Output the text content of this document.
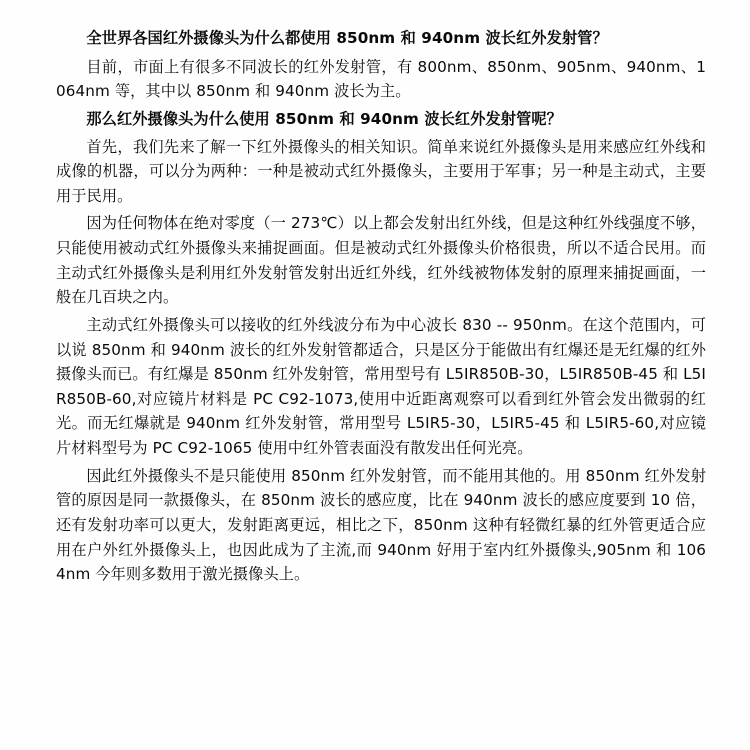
全世界各国红外摄像头为什么都使用 850nm 和 940nm 波长红外发射管？

目前，市面上有很多不同波长的红外发射管，有 800nm、850nm、905nm、940nm、1064nm 等，其中以 850nm 和 940nm 波长为主。

那么红外摄像头为什么使用 850nm 和 940nm 波长红外发射管呢？

首先，我们先来了解一下红外摄像头的相关知识。简单来说红外摄像头是用来感应红外线和成像的机器，可以分为两种：一种是被动式红外摄像头，主要用于军事；另一种是主动式，主要用于民用。

因为任何物体在绝对零度（一 273℃）以上都会发射出红外线，但是这种红外线强度不够，只能使用被动式红外摄像头来捕捉画面。但是被动式红外摄像头价格很贵，所以不适合民用。而主动式红外摄像头是利用红外发射管发射出近红外线，红外线被物体发射的原理来捕捉画面，一般在几百块之内。

主动式红外摄像头可以接收的红外线波分布为中心波长 830 -- 950nm。在这个范围内，可以说 850nm 和 940nm 波长的红外发射管都适合，只是区分于能做出有红爆还是无红爆的红外摄像头而已。有红爆是 850nm 红外发射管，常用型号有 L5IR850B-30，L5IR850B-45 和 L5IR850B-60,对应镜片材料是 PC C92-1073,使用中近距离观察可以看到红外管会发出微弱的红光。而无红爆就是 940nm 红外发射管，常用型号 L5IR5-30，L5IR5-45 和 L5IR5-60,对应镜片材料型号为 PC C92-1065 使用中红外管表面没有散发出任何光亮。

因此红外摄像头不是只能使用 850nm 红外发射管，而不能用其他的。用 850nm 红外发射管的原因是同一款摄像头，在 850nm 波长的感应度，比在 940nm 波长的感应度要到 10 倍，还有发射功率可以更大，发射距离更远，相比之下，850nm 这种有轻微红暴的红外管更适合应用在户外红外摄像头上，也因此成为了主流,而 940nm 好用于室内红外摄像头,905nm 和 1064nm 今年则多数用于激光摄像头上。
